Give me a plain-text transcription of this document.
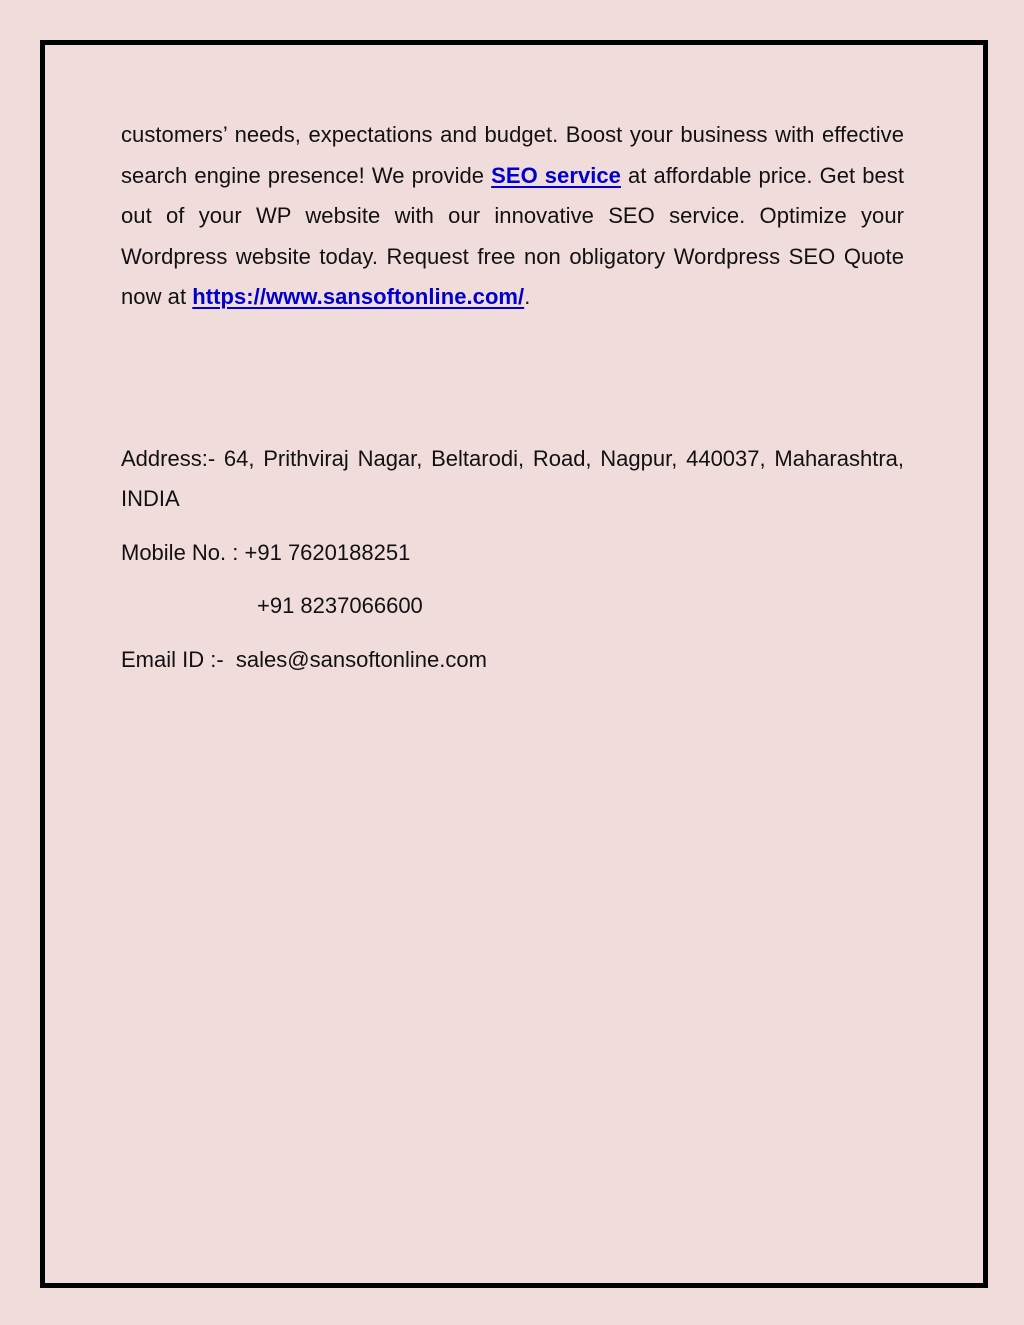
customers’ needs, expectations and budget. Boost your business with effective search engine presence! We provide SEO service at affordable price. Get best out of your WP website with our innovative SEO service. Optimize your Wordpress website today. Request free non obligatory Wordpress SEO Quote now at https://www.sansoftonline.com/.

Address:- 64, Prithviraj Nagar, Beltarodi, Road, Nagpur, 440037, Maharashtra, INDIA

Mobile No. : +91 7620188251

+91 8237066600

Email ID :- sales@sansoftonline.com
